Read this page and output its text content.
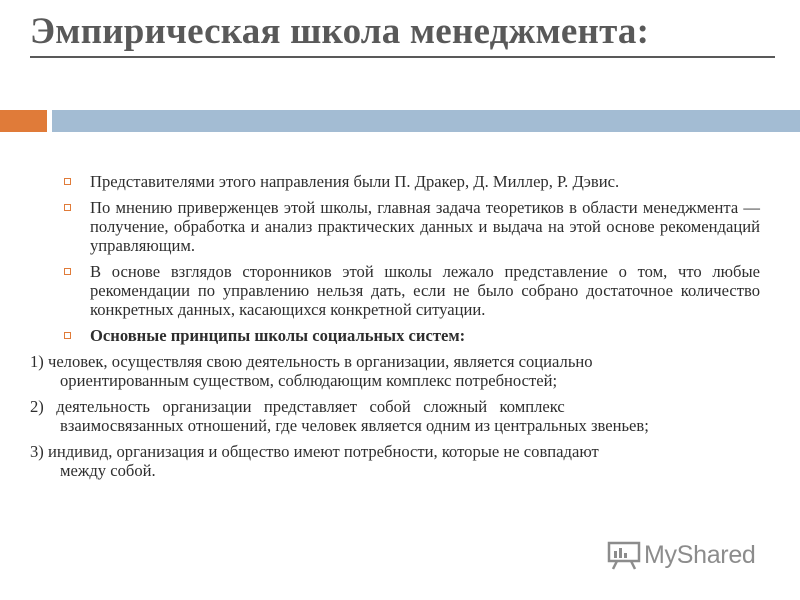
Эмпирическая школа менеджмента:
Представителями этого направления были П. Дракер, Д. Миллер, Р. Дэвис.
По мнению приверженцев этой школы, главная задача теоретиков в области менеджмента — получение, обработка и анализ практических данных и выдача на этой основе рекомендаций управляющим.
В основе взглядов сторонников этой школы лежало представление о том, что любые рекомендации по управлению нельзя дать, если не было собрано достаточное количество конкретных данных, касающихся конкретной ситуации.
Основные принципы школы социальных систем:
1) человек, осуществляя свою деятельность в организации, является социально
ориентированным существом, соблюдающим комплекс потребностей;
2)   деятельность   организации   представляет   собой   сложный   комплекс
взаимосвязанных отношений, где человек является одним из центральных звеньев;
3) индивид, организация и общество имеют потребности, которые не совпадают
между собой.
MyShared
